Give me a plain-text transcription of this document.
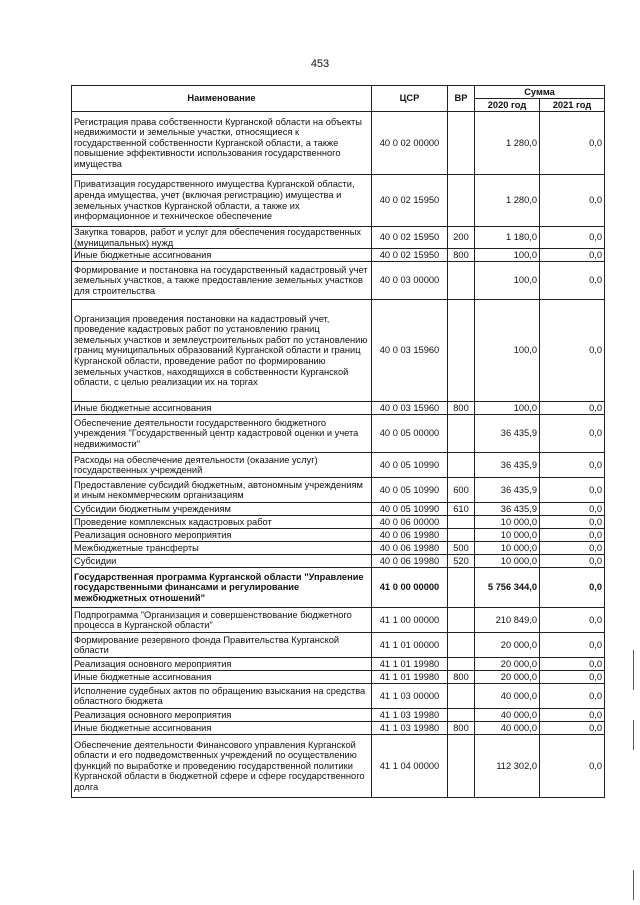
453
Наименование	ЦСР	ВР	Сумма	
			2020 год	2021 год
Регистрация права собственности Курганской области на объекты недвижимости и земельные участки, относящиеся к государственной собственности Курганской области, а также повышение эффективности использования государственного имущества	40 0 02 00000		1 280,0	0,0
Приватизация государственного имущества Курганской области, аренда имущества, учет (включая регистрацию) имущества и земельных участков Курганской области, а также их информационное и техническое обеспечение	40 0 02 15950		1 280,0	0,0
Закупка товаров, работ и услуг для обеспечения государственных (муниципальных) нужд	40 0 02 15950	200	1 180,0	0,0
Иные бюджетные ассигнования	40 0 02 15950	800	100,0	0,0
Формирование и постановка на государственный кадастровый учет земельных участков, а также предоставление земельных участков для строительства	40 0 03 00000		100,0	0,0
Организация проведения постановки на кадастровый учет, проведение кадастровых работ по установлению границ земельных участков и землеустроительных работ по установлению границ муниципальных образований Курганской области и границ Курганской области, проведение работ по формированию земельных участков, находящихся в собственности Курганской области, с целью реализации их на торгах	40 0 03 15960		100,0	0,0
Иные бюджетные ассигнования	40 0 03 15960	800	100,0	0,0
Обеспечение деятельности государственного бюджетного учреждения "Государственный центр кадастровой оценки и учета недвижимости"	40 0 05 00000		36 435,9	0,0
Расходы на обеспечение деятельности (оказание услуг) государственных учреждений	40 0 05 10990		36 435,9	0,0
Предоставление субсидий бюджетным, автономным учреждениям и иным некоммерческим организациям	40 0 05 10990	600	36 435,9	0,0
Субсидии бюджетным учреждениям	40 0 05 10990	610	36 435,9	0,0
Проведение комплексных кадастровых работ	40 0 06 00000		10 000,0	0,0
Реализация основного мероприятия	40 0 06 19980		10 000,0	0,0
Межбюджетные трансферты	40 0 06 19980	500	10 000,0	0,0
Субсидии	40 0 06 19980	520	10 000,0	0,0
Государственная программа Курганской области "Управление государственными финансами и регулирование межбюджетных отношений"	41 0 00 00000		5 756 344,0	0,0
Подпрограмма "Организация и совершенствование бюджетного процесса в Курганской области"	41 1 00 00000		210 849,0	0,0
Формирование резервного фонда Правительства Курганской области	41 1 01 00000		20 000,0	0,0
Реализация основного мероприятия	41 1 01 19980		20 000,0	0,0
Иные бюджетные ассигнования	41 1 01 19980	800	20 000,0	0,0
Исполнение судебных актов по обращению взыскания на средства областного бюджета	41 1 03 00000		40 000,0	0,0
Реализация основного мероприятия	41 1 03 19980		40 000,0	0,0
Иные бюджетные ассигнования	41 1 03 19980	800	40 000,0	0,0
Обеспечение деятельности Финансового управления Курганской области и его подведомственных учреждений по осуществлению функций по выработке и проведению государственной политики Курганской области в бюджетной сфере и сфере государственного долга	41 1 04 00000		112 302,0	0,0
